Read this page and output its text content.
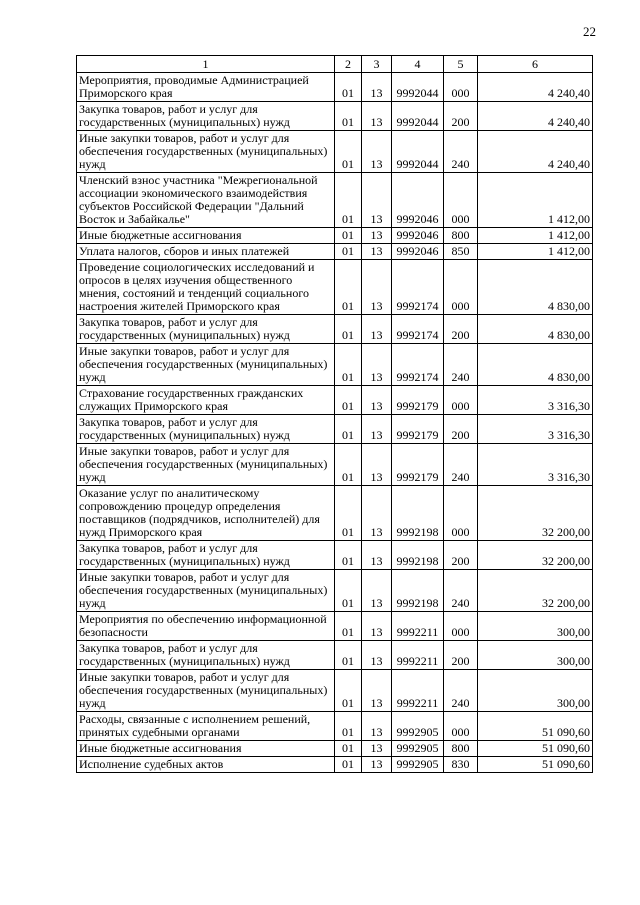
22
1	2	3	4	5	6
Мероприятия, проводимые Администрацией Приморского края	01	13	9992044	000	4 240,40
Закупка товаров, работ и услуг для государственных (муниципальных) нужд	01	13	9992044	200	4 240,40
Иные закупки товаров, работ и услуг для обеспечения государственных (муниципальных) нужд	01	13	9992044	240	4 240,40
Членский взнос участника "Межрегиональной ассоциации экономического взаимодействия субъектов Российской Федерации "Дальний Восток и Забайкалье"	01	13	9992046	000	1 412,00
Иные бюджетные ассигнования	01	13	9992046	800	1 412,00
Уплата налогов, сборов и иных платежей	01	13	9992046	850	1 412,00
Проведение социологических исследований и опросов в целях изучения общественного мнения, состояний и тенденций социального настроения жителей Приморского края	01	13	9992174	000	4 830,00
Закупка товаров, работ и услуг для государственных (муниципальных) нужд	01	13	9992174	200	4 830,00
Иные закупки товаров, работ и услуг для обеспечения государственных (муниципальных) нужд	01	13	9992174	240	4 830,00
Страхование государственных гражданских служащих Приморского края	01	13	9992179	000	3 316,30
Закупка товаров, работ и услуг для государственных (муниципальных) нужд	01	13	9992179	200	3 316,30
Иные закупки товаров, работ и услуг для обеспечения государственных (муниципальных) нужд	01	13	9992179	240	3 316,30
Оказание услуг по аналитическому сопровождению процедур определения поставщиков (подрядчиков, исполнителей) для нужд Приморского края	01	13	9992198	000	32 200,00
Закупка товаров, работ и услуг для государственных (муниципальных) нужд	01	13	9992198	200	32 200,00
Иные закупки товаров, работ и услуг для обеспечения государственных (муниципальных) нужд	01	13	9992198	240	32 200,00
Мероприятия по обеспечению информационной безопасности	01	13	9992211	000	300,00
Закупка товаров, работ и услуг для государственных (муниципальных) нужд	01	13	9992211	200	300,00
Иные закупки товаров, работ и услуг для обеспечения государственных (муниципальных) нужд	01	13	9992211	240	300,00
Расходы, связанные с исполнением решений, принятых судебными органами	01	13	9992905	000	51 090,60
Иные бюджетные ассигнования	01	13	9992905	800	51 090,60
Исполнение судебных актов	01	13	9992905	830	51 090,60
